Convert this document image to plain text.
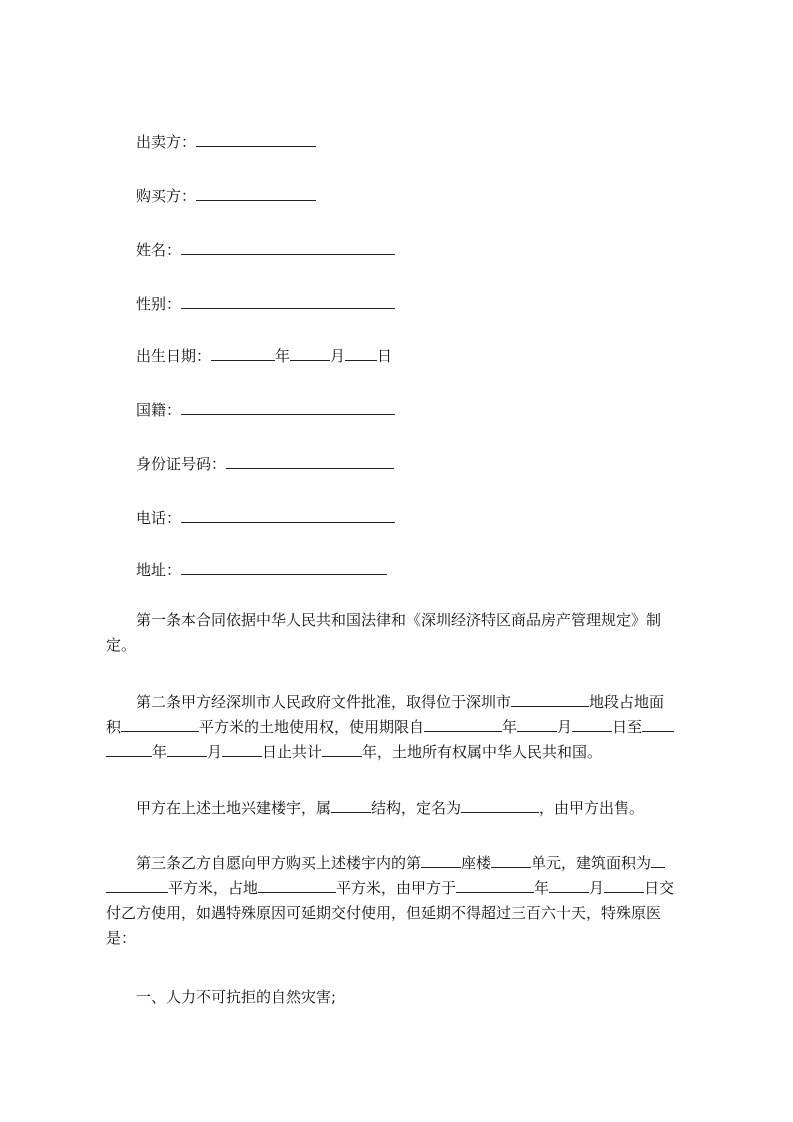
出卖方：
购买方：
姓名：
性别：
出生日期：	年	月 日
国籍：
身份证号码：
电话：
地址：
第一条本合同依据中华人民共和国法律和《深圳经济特区商品房产管理规定》制
定。
第二条甲方经深圳市人民政府文件批准，取得位于深圳市	地段占地面
积	平方米的土地使用权，使用期限自	年	月	日至
年	月	日止共计	年，土地所有权属中华人民共和国。
甲方在上述土地兴建楼宇，属	结构，定名为	，由甲方出售。
第三条乙方自愿向甲方购买上述楼宇内的第	座楼	单元，建筑面积为
平方米，占地	平方米，由甲方于	年	月	日交
付乙方使用，如遇特殊原因可延期交付使用，但延期不得超过三百六十天，特殊原医
是：
一、人力不可抗拒的自然灾害;
